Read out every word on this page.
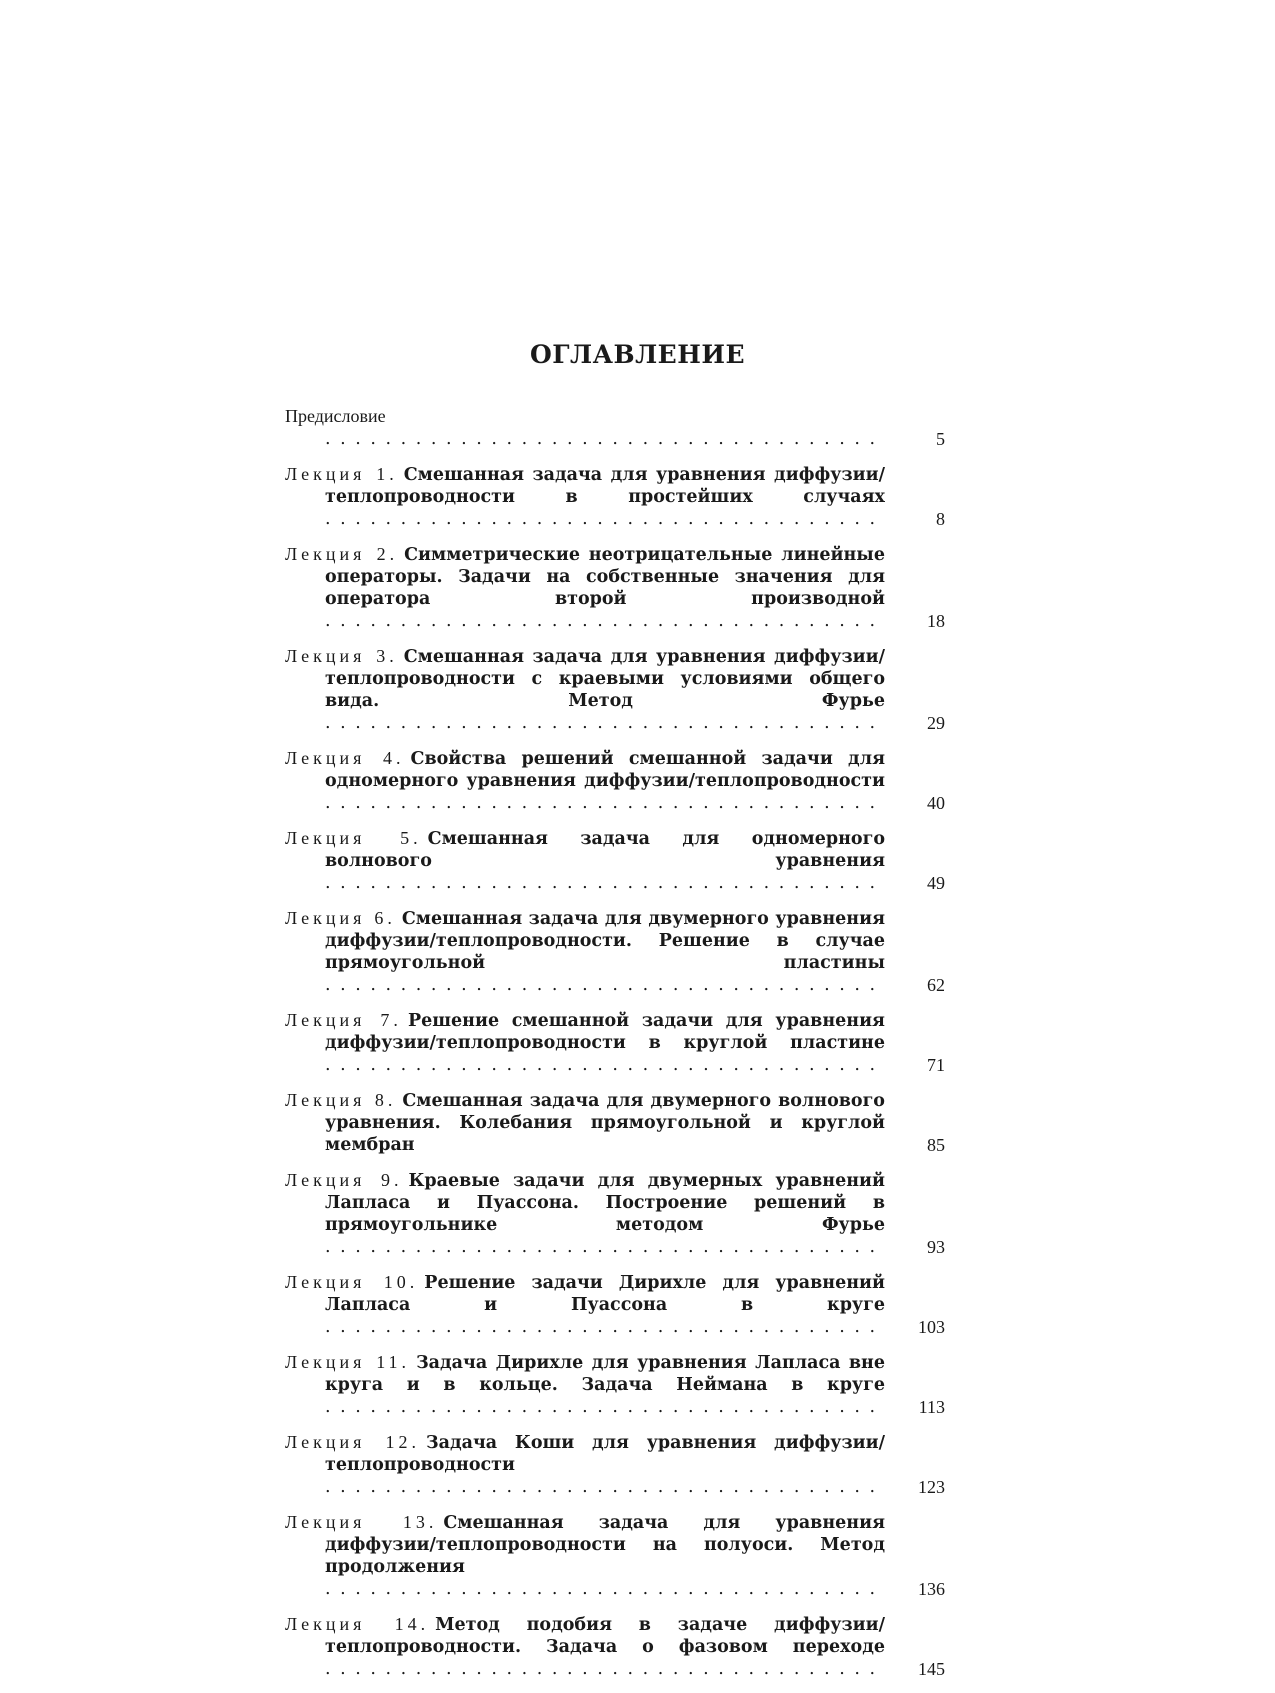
ОГЛАВЛЕНИЕ
Предисловие . . .
5
Лекция 1. Смешанная задача для уравнения диффузии/теплопроводности в простейших случаях . . .
8
Лекция 2. Симметрические неотрицательные линейные операторы. Задачи на собственные значения для оператора второй производной . . .
18
Лекция 3. Смешанная задача для уравнения диффузии/теплопроводности с краевыми условиями общего вида. Метод Фурье . . .
29
Лекция 4. Свойства решений смешанной задачи для одномерного уравнения диффузии/теплопроводности . . .
40
Лекция 5. Смешанная задача для одномерного волнового уравнения . . .
49
Лекция 6. Смешанная задача для двумерного уравнения диффузии/теплопроводности. Решение в случае прямоугольной пластины . . .
62
Лекция 7. Решение смешанной задачи для уравнения диффузии/теплопроводности в круглой пластине . . .
71
Лекция 8. Смешанная задача для двумерного волнового уравнения. Колебания прямоугольной и круглой мембран	85
Лекция 9. Краевые задачи для двумерных уравнений Лапласа и Пуассона. Построение решений в прямоугольнике методом Фурье . . .
93
Лекция 10. Решение задачи Дирихле для уравнений Лапласа и Пуассона в круге . . .
103
Лекция 11. Задача Дирихле для уравнения Лапласа вне круга и в кольце. Задача Неймана в круге . . .
113
Лекция 12. Задача Коши для уравнения диффузии/теплопроводности . . .
123
Лекция 13. Смешанная задача для уравнения диффузии/теплопроводности на полуоси. Метод продолжения . . .
136
Лекция 14. Метод подобия в задаче диффузии/теплопроводности. Задача о фазовом переходе . . .
145
